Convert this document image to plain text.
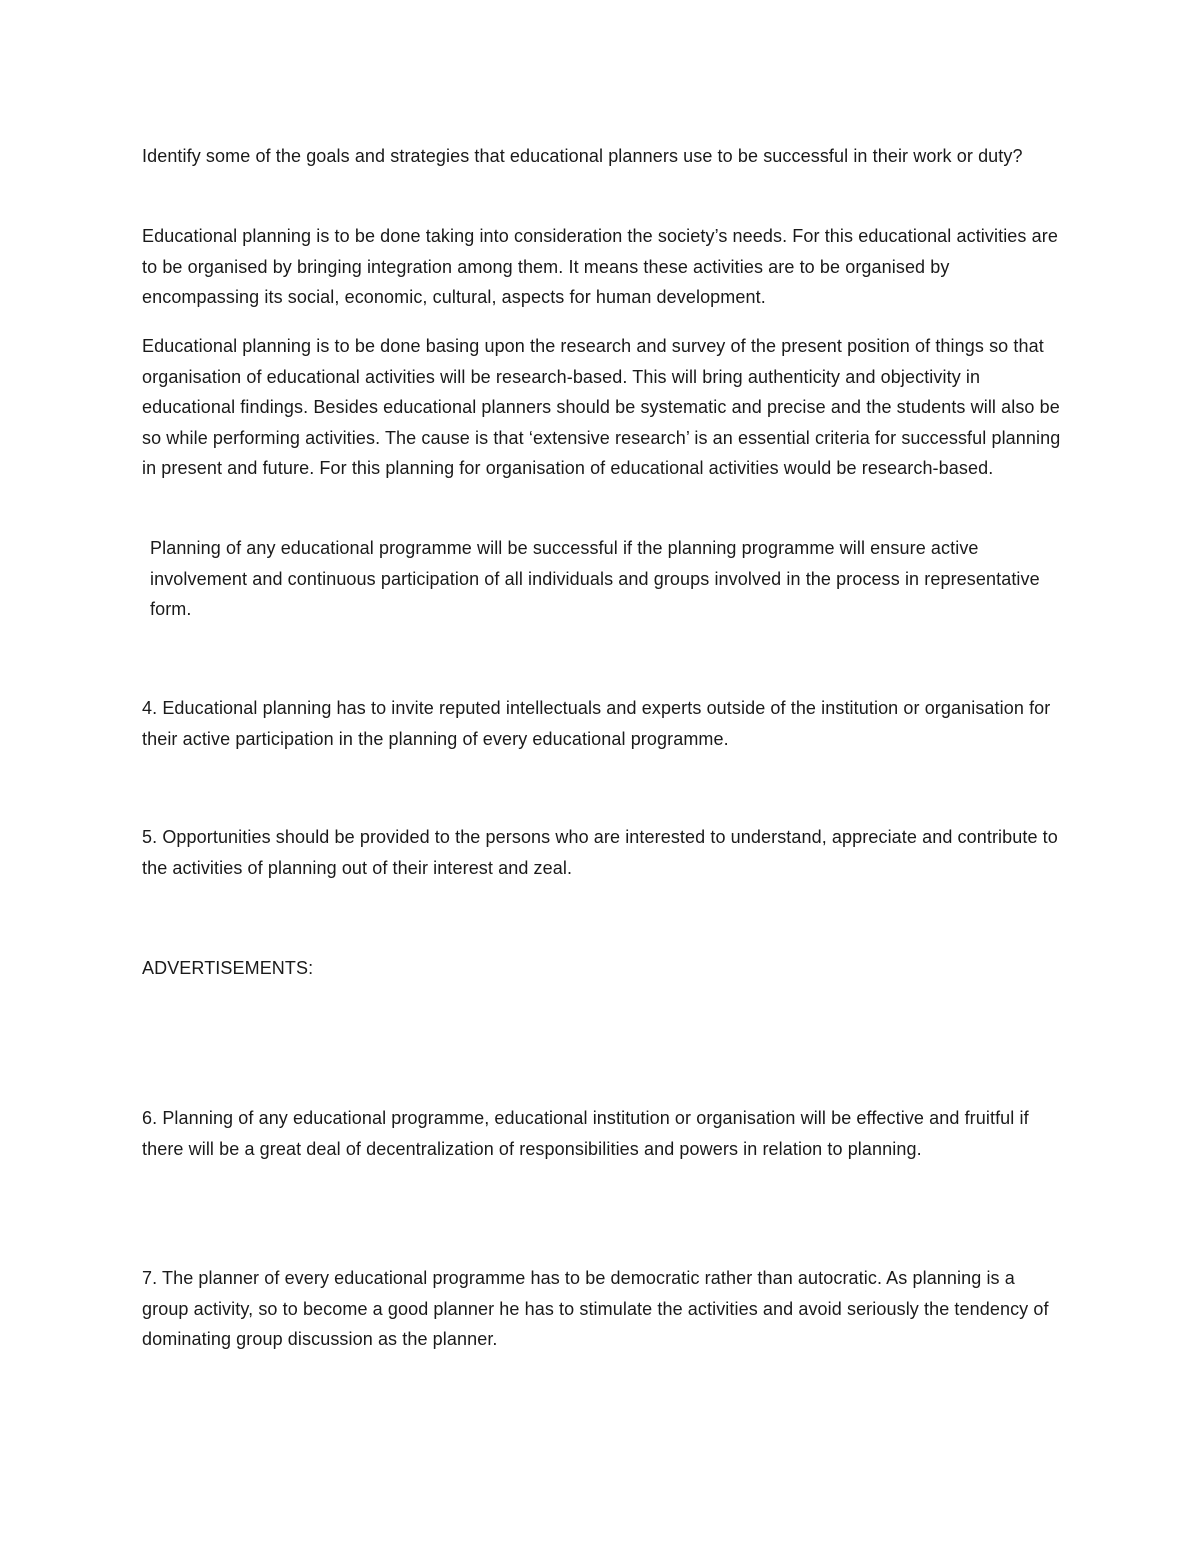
Identify some of the goals and strategies that educational planners use to be successful in their work or duty?

Educational planning is to be done taking into consideration the society’s needs. For this educational activities are to be organised by bringing integration among them. It means these activities are to be organised by encompassing its social, economic, cultural, aspects for human development.

Educational planning is to be done basing upon the research and survey of the present position of things so that organisation of educational activities will be research-based. This will bring authenticity and objectivity in educational findings. Besides educational planners should be systematic and precise and the students will also be so while performing activities. The cause is that ‘extensive research’ is an essential criteria for successful planning in present and future. For this planning for organisation of educational activities would be research-based.

Planning of any educational programme will be successful if the planning programme will ensure active involvement and continuous participation of all individuals and groups involved in the process in representative form.

4. Educational planning has to invite reputed intellectuals and experts outside of the institution or organisation for their active participation in the planning of every educational programme.

5. Opportunities should be provided to the persons who are interested to understand, appreciate and contribute to the activities of planning out of their interest and zeal.

ADVERTISEMENTS:

6. Planning of any educational programme, educational institution or organisation will be effective and fruitful if there will be a great deal of decentralization of responsibilities and powers in relation to planning.

7. The planner of every educational programme has to be democratic rather than autocratic. As planning is a group activity, so to become a good planner he has to stimulate the activities and avoid seriously the tendency of dominating group discussion as the planner.
